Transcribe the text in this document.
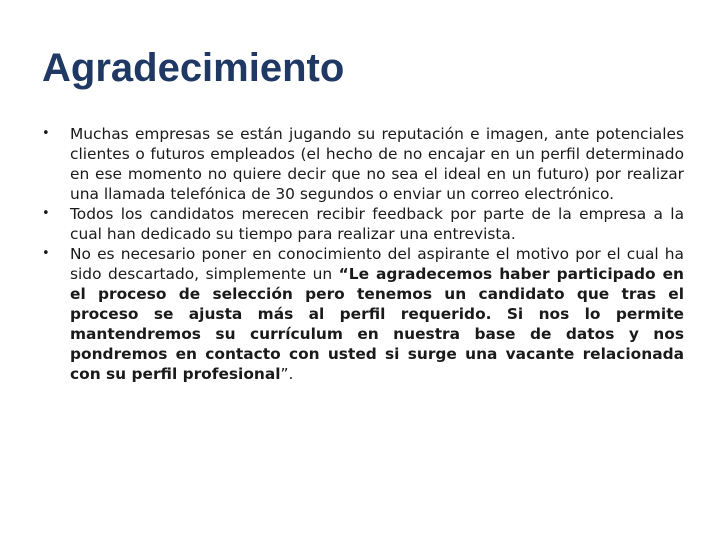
Agradecimiento
• Muchas empresas se están jugando su reputación e imagen, ante potenciales clientes o futuros empleados (el hecho de no encajar en un perfil determinado en ese momento no quiere decir que no sea el ideal en un futuro) por realizar una llamada telefónica de 30 segundos o enviar un correo electrónico.
• Todos los candidatos merecen recibir feedback por parte de la empresa a la cual han dedicado su tiempo para realizar una entrevista.
• No es necesario poner en conocimiento del aspirante el motivo por el cual ha sido descartado, simplemente un “Le agradecemos haber participado en el proceso de selección pero tenemos un candidato que tras el proceso se ajusta más al perfil requerido. Si nos lo permite mantendremos su currículum en nuestra base de datos y nos pondremos en contacto con usted si surge una vacante relacionada con su perfil profesional”.
